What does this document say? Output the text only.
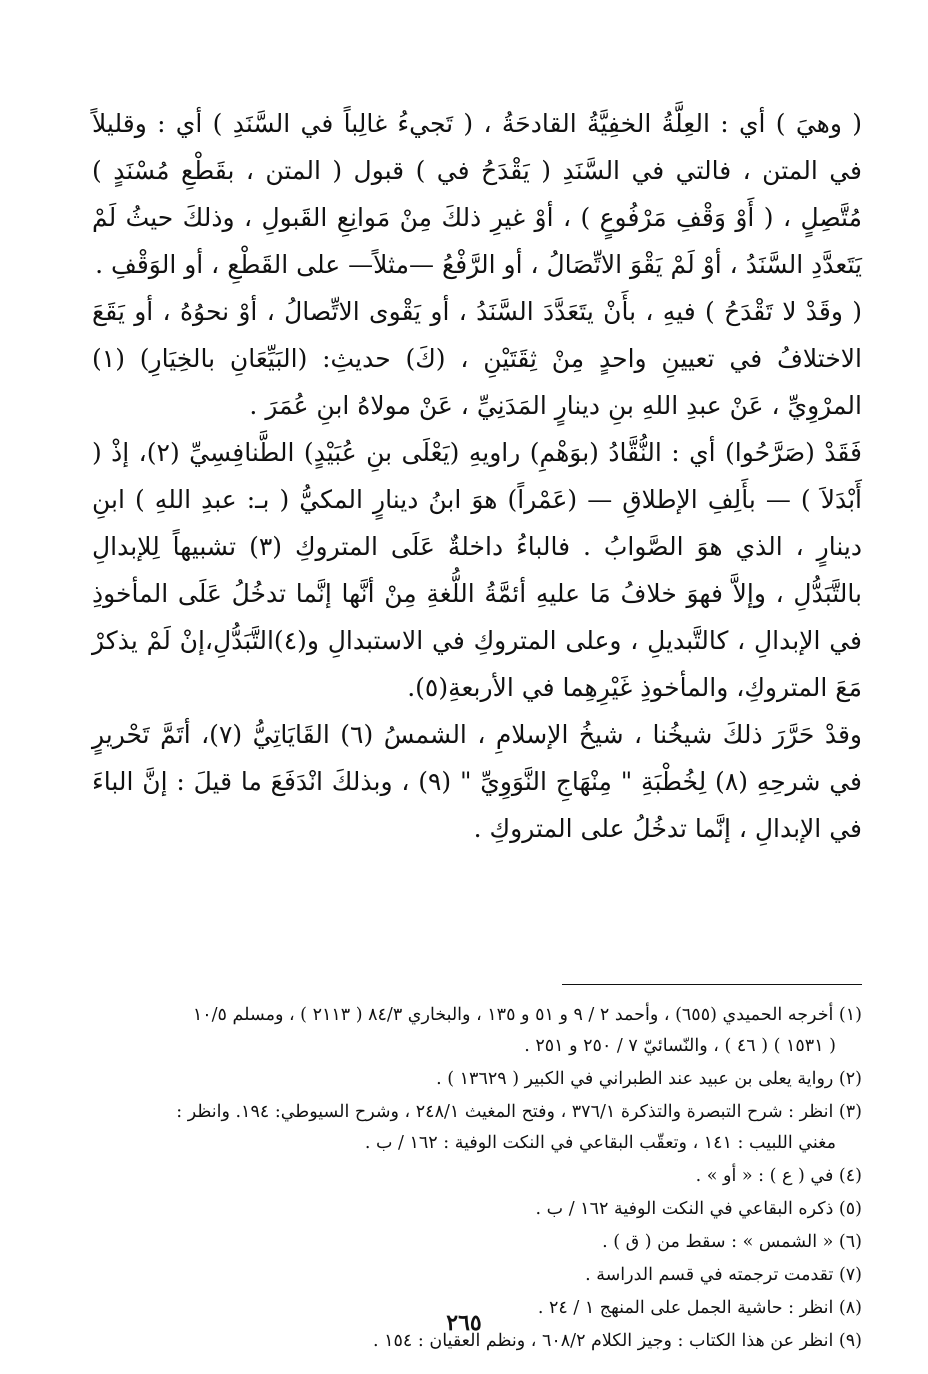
( وهيَ ) أي : العِلَّةُ الخفِيَّةُ القادحَةُ ، ( تَجيءُ غالِباً في السَّنَدِ ) أي : وقليلاً في المتن ، فالتي في السَّنَدِ ( يَقْدَحُ في ) قبول ( المتن ، بقَطْعِ مُسْنَدٍ ) مُتَّصِلٍ ، ( أَوْ وَقْفِ مَرْفُوعٍ ) ، أوْ غيرِ ذلكَ مِنْ مَوانِعِ القَبولِ ، وذلكَ حيثُ لَمْ يَتَعدَّدِ السَّنَدُ ، أوْ لَمْ يَقْوَ الاتِّصَالُ ، أو الرَّفْعُ —مثلاً— على القَطْعِ ، أو الوَقْفِ .

( وقَدْ لا تَقْدَحُ ) فيهِ ، بأَنْ يتَعَدَّدَ السَّنَدُ ، أو يَقْوى الاتِّصالُ ، أوْ نحوُهُ ، أو يَقَعَ الاختلافُ في تعيينِ واحدٍ مِنْ ثِقَتَيْنِ ، (كَ) حديثِ: (البَيِّعَانِ بالخِيَارِ) (١) المرْوِيِّ ، عَنْ عبدِ اللهِ بنِ دينارٍ المَدَنِيِّ ، عَنْ مولاهُ ابنِ عُمَرَ .

فَقَدْ (صَرَّحُوا) أي : النُّقَّادُ (بوَهْمِ) راويهِ (يَعْلَى بنِ عُبَيْدٍ) الطَّنافِسِيِّ (٢)، إذْ ( أَبْدَلاَ ) — بأَلِفِ الإطلاقِ — (عَمْراً) هوَ ابنُ دينارٍ المكيُّ ( بـ: عبدِ اللهِ ) ابنِ دينارٍ ، الذي هوَ الصَّوابُ . فالباءُ داخلةٌ عَلَى المتروكِ (٣) تشبيهاً لِلإبدالِ بالتَّبَدُّلِ ، وإلاَّ فهوَ خلافُ مَا عليهِ أئمَّةُ اللُّغةِ مِنْ أنَّها إنَّما تدخُلُ عَلَى المأخوذِ في الإبدالِ ، كالتَّبديلِ ، وعلى المتروكِ في الاستبدالِ و(٤)التَّبَدُّلِ،إنْ لَمْ يذكرْ مَعَ المتروكِ، والمأخوذِ غَيْرِهِما في الأربعةِ(٥).

وقدْ حَرَّرَ ذلكَ شيخُنا ، شيخُ الإسلامِ ، الشمسُ (٦) القَايَاتِيُّ (٧)، أتَمَّ تَحْريرٍ في شرحِهِ (٨) لِخُطْبَةِ " مِنْهَاجِ النَّوَوِيِّ " (٩) ، وبذلكَ انْدَفَعَ ما قيلَ : إنَّ الباءَ في الإبدالِ ، إنَّما تدخُلُ على المتروكِ .

(١) أخرجه الحميدي (٦٥٥) ، وأحمد ٢ / ٩ و ٥١ و ١٣٥ ، والبخاري ٨٤/٣ ( ٢١١٣ ) ، ومسلم ١٠/٥
( ١٥٣١ ) ( ٤٦ ) ، والنّسائيّ ٧ / ٢٥٠ و ٢٥١ .

(٢) رواية يعلى بن عبيد عند الطبراني في الكبير ( ١٣٦٢٩ ) .

(٣) انظر : شرح التبصرة والتذكرة ٣٧٦/١ ، وفتح المغيث ٢٤٨/١ ، وشرح السيوطي: ١٩٤. وانظر :
مغني اللبيب : ١٤١ ، وتعقّب البقاعي في النكت الوفية : ١٦٢ / ب .

(٤) في ( ع ) : « أو » .

(٥) ذكره البقاعي في النكت الوفية ١٦٢ / ب .

(٦) « الشمس » : سقط من ( ق ) .

(٧) تقدمت ترجمته في قسم الدراسة .

(٨) انظر : حاشية الجمل على المنهج ١ / ٢٤ .

(٩) انظر عن هذا الكتاب : وجيز الكلام ٦٠٨/٢ ، ونظم العقيان : ١٥٤ .

٢٦٥
